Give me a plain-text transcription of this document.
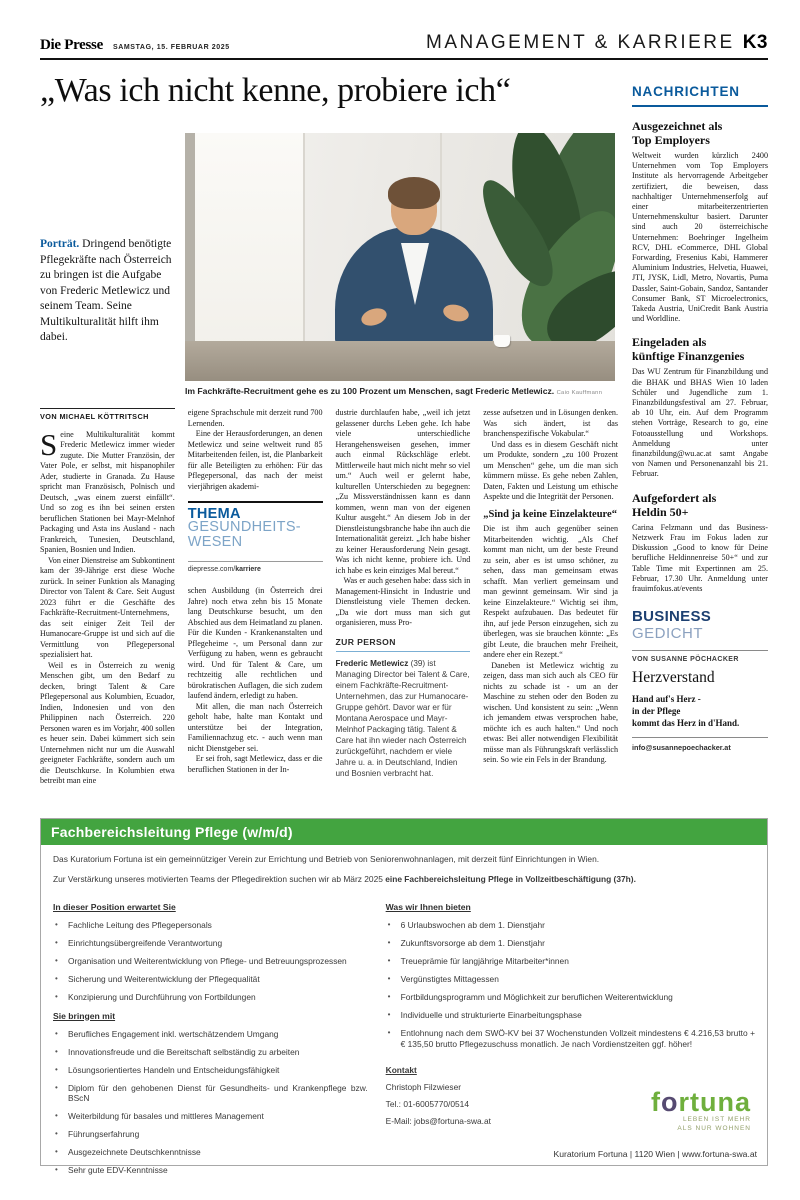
Die Presse SAMSTAG, 15. FEBRUAR 2025	MANAGEMENT & KARRIERE K3
„Was ich nicht kenne, probiere ich“
Porträt. Dringend benötigte Pflegekräfte nach Österreich zu bringen ist die Aufgabe von Frederic Metlewicz und seinem Team. Seine Multikulturalität hilft ihm dabei.
Im Fachkräfte-Recruitment gehe es zu 100 Prozent um Menschen, sagt Frederic Metlewicz. Caio Kauffmann
VON MICHAEL KÖTTRITSCH

Seine Multikulturalität kommt Frederic Metlewicz immer wieder zugute. Die Mutter Französin, der Vater Pole, er selbst, mit hispanophiler Ader, studierte in Granada. Zu Hause spricht man Französisch, Polnisch und Deutsch, „was einem zuerst einfällt“. Und so zog es ihn bei seinen ersten beruflichen Stationen bei Mayr-Melnhof Packaging und Asta ins Ausland - nach Frankreich, Tunesien, Deutschland, Spanien, Bosnien und Indien.

Von einer Dienstreise am Subkontinent kam der 39-Jährige erst diese Woche zurück. In seiner Funktion als Managing Director von Talent & Care. Seit August 2023 führt er die Geschäfte des Fachkräfte-Recruitment-Unternehmens, das seit einiger Zeit Teil der Humanocare-Gruppe ist und sich auf die Vermittlung von Pflegepersonal spezialisiert hat.

Weil es in Österreich zu wenig Menschen gibt, um den Bedarf zu decken, bringt Talent & Care Pflegepersonal aus Kolumbien, Ecuador, Indien, Indonesien und von den Philippinen nach Österreich. 220 Personen waren es im Vorjahr, 400 sollen es heuer sein. Dabei kümmert sich sein Unternehmen nicht nur um die Auswahl geeigneter Fachkräfte, sondern auch um die Deutschkurse. In Kolumbien etwa betreibt man eine

eigene Sprachschule mit derzeit rund 700 Lernenden.

Eine der Herausforderungen, an denen Metlewicz und seine weltweit rund 85 Mitarbeitenden feilen, ist, die Planbarkeit für alle Beteiligten zu erhöhen: Für das Pflegepersonal, das nach der meist vierjährigen akademi-

THEMA
GESUNDHEITS-
WESEN
diepresse.com/karriere

schen Ausbildung (in Österreich drei Jahre) noch etwa zehn bis 15 Monate lang Deutschkurse besucht, um den Abschied aus dem Heimatland zu planen. Für die Kunden - Krankenanstalten und Pflegeheime -, um Personal dann zur Verfügung zu haben, wenn es gebraucht wird. Und für Talent & Care, um rechtzeitig alle rechtlichen und bürokratischen Auflagen, die sich zudem laufend ändern, erledigt zu haben.

Mit allen, die man nach Österreich geholt habe, halte man Kontakt und unterstütze bei der Integration, Familiennachzug etc. - auch wenn man nicht Dienstgeber sei.

Er sei froh, sagt Metlewicz, dass er die beruflichen Stationen in der In-

dustrie durchlaufen habe, „weil ich jetzt gelassener durchs Leben gehe. Ich habe viele unterschiedliche Herangehensweisen gesehen, immer auch einmal Rückschläge erlebt. Mittlerweile haut mich nicht mehr so viel um.“ Auch weil er gelernt habe, kulturellen Unterschieden zu begegnen: „Zu Missverständnissen kann es dann kommen, wenn man von der eigenen Kultur ausgeht.“ An diesem Job in der Dienstleistungsbranche habe ihn auch die Internationalität gereizt. „Ich habe bisher zu keiner Herausforderung Nein gesagt. Was ich nicht kenne, probiere ich. Und ich habe es kein einziges Mal bereut.“

Was er auch gesehen habe: dass sich in Management-Hinsicht in Industrie und Dienstleistung viele Themen decken. „Da wie dort muss man sich gut organisieren, muss Pro-

ZUR PERSON
Frederic Metlewicz (39) ist Managing Director bei Talent & Care, einem Fachkräfte-Recruitment-Unternehmen, das zur Humanocare-Gruppe gehört. Davor war er für Montana Aerospace und Mayr-Melnhof Packaging tätig. Talent & Care hat ihn wieder nach Österreich zurückgeführt, nachdem er viele Jahre u. a. in Deutschland, Indien und Bosnien verbracht hat.

zesse aufsetzen und in Lösungen denken. Was sich ändert, ist das branchenspezifische Vokabular.“

Und dass es in diesem Geschäft nicht um Produkte, sondern „zu 100 Prozent um Menschen“ gehe, um die man sich kümmern müsse. Es gehe neben Zahlen, Daten, Fakten und Leistung um ethische Aspekte und die Integrität der Personen.

„Sind ja keine Einzelakteure“

Die ist ihm auch gegenüber seinen Mitarbeitenden wichtig. „Als Chef kommt man nicht, um der beste Freund zu sein, aber es ist umso schöner, zu sehen, dass man gemeinsam etwas schafft. Man verliert gemeinsam und man gewinnt gemeinsam. Wir sind ja keine Einzelakteure.“ Wichtig sei ihm, Respekt aufzubauen. Das bedeutet für ihn, auf jede Person einzugehen, sich zu überlegen, was sie brauchen könnte: „Es gibt Leute, die brauchen mehr Freiheit, andere eher ein Rezept.“

Daneben ist Metlewicz wichtig zu zeigen, dass man sich auch als CEO für nichts zu schade ist - um an der Maschine zu stehen oder den Boden zu wischen. Und konsistent zu sein: „Wenn ich jemandem etwas versprochen habe, möchte ich es auch halten.“ Und noch etwas: Bei aller notwendigen Flexibilität müsse man als Führungskraft verlässlich sein. So wie ein Fels in der Brandung.

NACHRICHTEN
Ausgezeichnet als
Top Employers
Weltweit wurden kürzlich 2400 Unternehmen vom Top Employers Institute als hervorragende Arbeitgeber zertifiziert, die beweisen, dass nachhaltiger Unternehmenserfolg auf einer mitarbeiterzentrierten Unternehmenskultur basiert. Darunter sind auch 20 österreichische Unternehmen: Boehringer Ingelheim RCV, DHL eCommerce, DHL Global Forwarding, Fresenius Kabi, Hammerer Aluminium Industries, Helvetia, Huawei, JTI, JYSK, Lidl, Metro, Novartis, Puma Dassler, Saint-Gobain, Sandoz, Santander Consumer Bank, ST Microelectronics, Takeda Austria, UniCredit Bank Austria und Worldline.
Eingeladen als
künftige Finanzgenies
Das WU Zentrum für Finanzbildung und die BHAK und BHAS Wien 10 laden Schüler und Jugendliche zum 1. Finanzbildungsfestival am 27. Februar, ab 10 Uhr, ein. Auf dem Programm stehen Vorträge, Research to go, eine Fotoausstellung und Workshops. Anmeldung unter finanzbildung@wu.ac.at samt Angabe von Namen und Personenanzahl bis 21. Februar.
Aufgefordert als
Heldin 50+
Carina Felzmann und das Business-Netzwerk Frau im Fokus laden zur Diskussion „Good to know für Deine berufliche Heldinnenreise 50+“ und zur Table Time mit Expertinnen am 25. Februar, 17.30 Uhr. Anmeldung unter frauimfokus.at/events
BUSINESS
GEDICHT
VON SUSANNE PÖCHACKER
Herzverstand
Hand auf's Herz -
in der Pflege
kommt das Herz in d'Hand.
info@susannepoechacker.at
Fachbereichsleitung Pflege (w/m/d)
Das Kuratorium Fortuna ist ein gemeinnütziger Verein zur Errichtung und Betrieb von Seniorenwohnanlagen, mit derzeit fünf Einrichtungen in Wien.
Zur Verstärkung unseres motivierten Teams der Pflegedirektion suchen wir ab März 2025 eine Fachbereichsleitung Pflege in Vollzeitbeschäftigung (37h).
In dieser Position erwartet Sie
• Fachliche Leitung des Pflegepersonals
• Einrichtungsübergreifende Verantwortung
• Organisation und Weiterentwicklung von Pflege- und Betreuungsprozessen
• Sicherung und Weiterentwicklung der Pflegequalität
• Konzipierung und Durchführung von Fortbildungen
Sie bringen mit
• Berufliches Engagement inkl. wertschätzendem Umgang
• Innovationsfreude und die Bereitschaft selbständig zu arbeiten
• Lösungsorientiertes Handeln und Entscheidungsfähigkeit
• Diplom für den gehobenen Dienst für Gesundheits- und Krankenpflege bzw. BScN
• Weiterbildung für basales und mittleres Management
• Führungserfahrung
• Ausgezeichnete Deutschkenntnisse
• Sehr gute EDV-Kenntnisse
Was wir Ihnen bieten
• 6 Urlaubswochen ab dem 1. Dienstjahr
• Zukunftsvorsorge ab dem 1. Dienstjahr
• Treueprämie für langjährige Mitarbeiter*innen
• Vergünstigtes Mittagessen
• Fortbildungsprogramm und Möglichkeit zur beruflichen Weiterentwicklung
• Individuelle und strukturierte Einarbeitungsphase
• Entlohnung nach dem SWÖ-KV bei 37 Wochenstunden Vollzeit mindestens € 4.216,53 brutto + € 135,50 brutto Pflegezuschuss monatlich. Je nach Vordienstzeiten ggf. höher!
Kontakt
Christoph Filzwieser
Tel.: 01-6005770/0514
E-Mail: jobs@fortuna-swa.at
fortuna
LEBEN IST MEHR
ALS NUR WOHNEN
Kuratorium Fortuna | 1120 Wien | www.fortuna-swa.at
